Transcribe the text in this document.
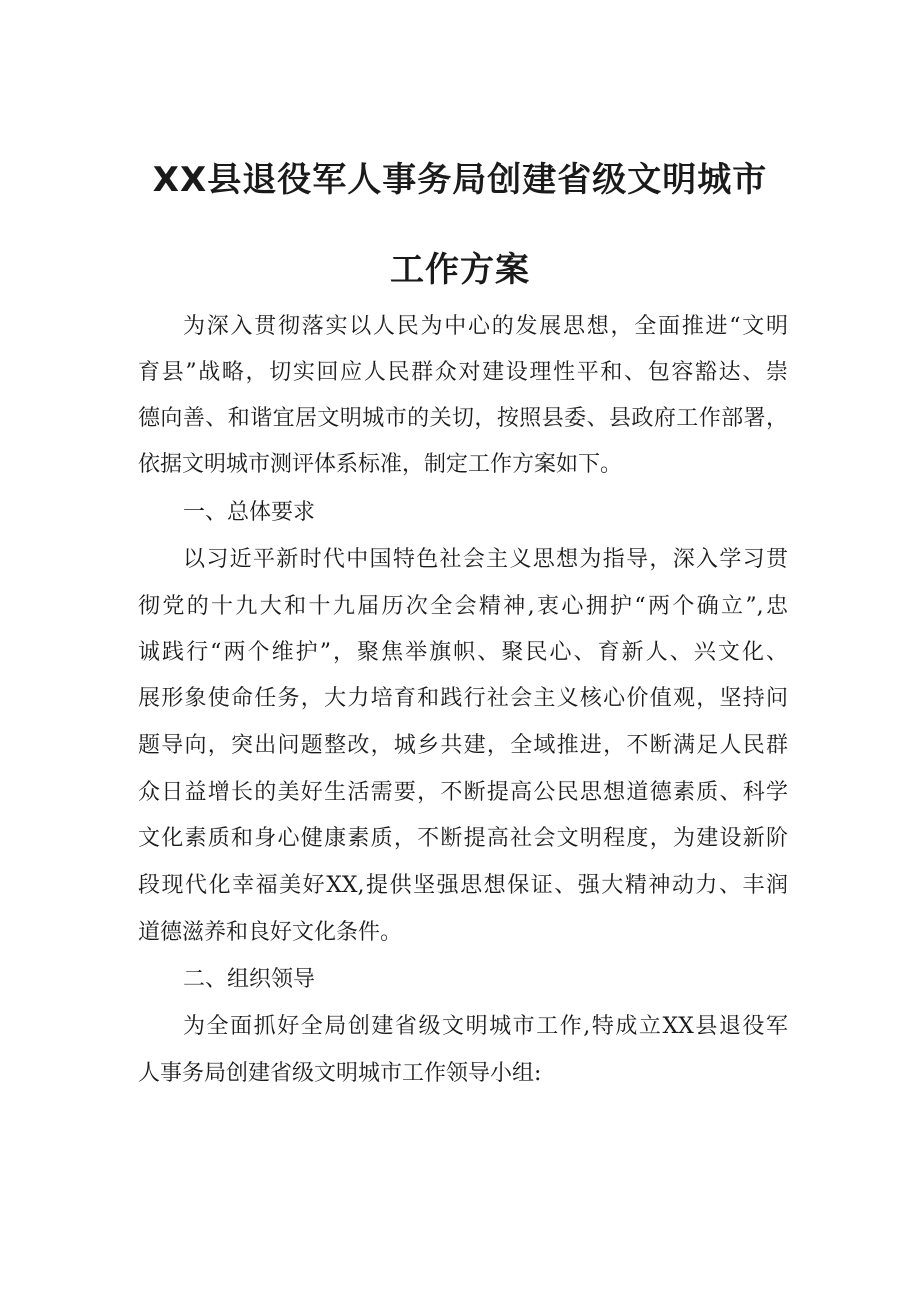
XX县退役军人事务局创建省级文明城市
工作方案
为深入贯彻落实以人民为中心的发展思想，全面推进“文明
育县”战略，切实回应人民群众对建设理性平和、包容豁达、崇
德向善、和谐宜居文明城市的关切，按照县委、县政府工作部署，
依据文明城市测评体系标准，制定工作方案如下。
一、总体要求
以习近平新时代中国特色社会主义思想为指导，深入学习贯
彻党的十九大和十九届历次全会精神,衷心拥护“两个确立”,忠
诚践行“两个维护”，聚焦举旗帜、聚民心、育新人、兴文化、
展形象使命任务，大力培育和践行社会主义核心价值观，坚持问
题导向，突出问题整改，城乡共建，全域推进，不断满足人民群
众日益增长的美好生活需要，不断提高公民思想道德素质、科学
文化素质和身心健康素质，不断提高社会文明程度，为建设新阶
段现代化幸福美好XX,提供坚强思想保证、强大精神动力、丰润
道德滋养和良好文化条件。
二、组织领导
为全面抓好全局创建省级文明城市工作,特成立XX县退役军
人事务局创建省级文明城市工作领导小组:
